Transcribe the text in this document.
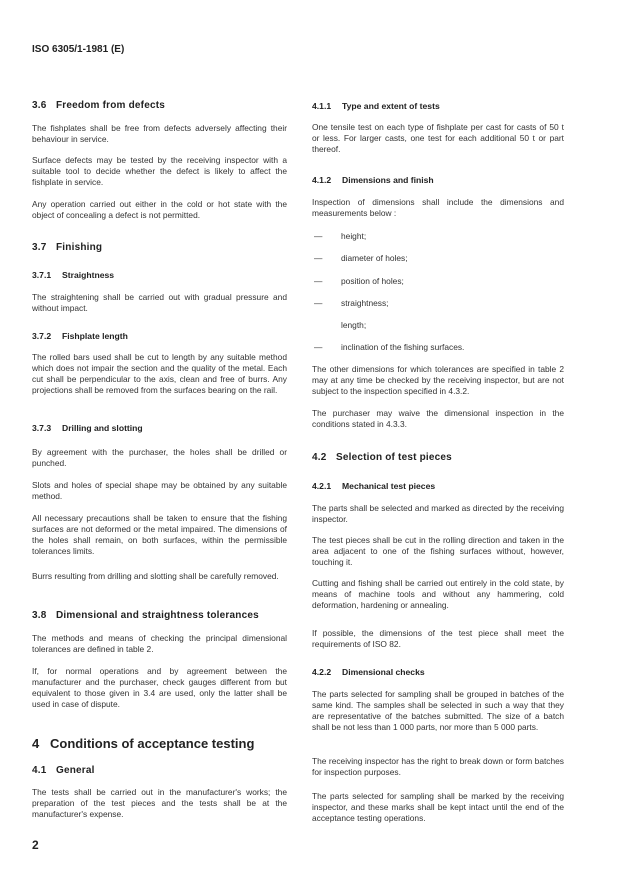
ISO 6305/1-1981 (E)
3.6 Freedom from defects
The fishplates shall be free from defects adversely affecting their behaviour in service.
Surface defects may be tested by the receiving inspector with a suitable tool to decide whether the defect is likely to affect the fishplate in service.
Any operation carried out either in the cold or hot state with the object of concealing a defect is not permitted.
3.7 Finishing
3.7.1 Straightness
The straightening shall be carried out with gradual pressure and without impact.
3.7.2 Fishplate length
The rolled bars used shall be cut to length by any suitable method which does not impair the section and the quality of the metal. Each cut shall be perpendicular to the axis, clean and free of burrs. Any projections shall be removed from the surfaces bearing on the rail.
3.7.3 Drilling and slotting
By agreement with the purchaser, the holes shall be drilled or punched.
Slots and holes of special shape may be obtained by any suitable method.
All necessary precautions shall be taken to ensure that the fishing surfaces are not deformed or the metal impaired. The dimensions of the holes shall remain, on both surfaces, within the permissible tolerances limits.
Burrs resulting from drilling and slotting shall be carefully removed.
3.8 Dimensional and straightness tolerances
The methods and means of checking the principal dimensional tolerances are defined in table 2.
If, for normal operations and by agreement between the manufacturer and the purchaser, check gauges different from but equivalent to those given in 3.4 are used, only the latter shall be used in case of dispute.
4 Conditions of acceptance testing
4.1 General
The tests shall be carried out in the manufacturer's works; the preparation of the test pieces and the tests shall be at the manufacturer's expense.
2
4.1.1 Type and extent of tests
One tensile test on each type of fishplate per cast for casts of 50 t or less. For larger casts, one test for each additional 50 t or part thereof.
4.1.2 Dimensions and finish
Inspection of dimensions shall include the dimensions and measurements below :
— height;
— diameter of holes;
— position of holes;
— straightness;
length;
— inclination of the fishing surfaces.
The other dimensions for which tolerances are specified in table 2 may at any time be checked by the receiving inspector, but are not subject to the inspection specified in 4.3.2.
The purchaser may waive the dimensional inspection in the conditions stated in 4.3.3.
4.2 Selection of test pieces
4.2.1 Mechanical test pieces
The parts shall be selected and marked as directed by the receiving inspector.
The test pieces shall be cut in the rolling direction and taken in the area adjacent to one of the fishing surfaces without, however, touching it.
Cutting and fishing shall be carried out entirely in the cold state, by means of machine tools and without any hammering, cold deformation, hardening or annealing.
If possible, the dimensions of the test piece shall meet the requirements of ISO 82.
4.2.2 Dimensional checks
The parts selected for sampling shall be grouped in batches of the same kind. The samples shall be selected in such a way that they are representative of the batches submitted. The size of a batch shall be not less than 1 000 parts, nor more than 5 000 parts.
The receiving inspector has the right to break down or form batches for inspection purposes.
The parts selected for sampling shall be marked by the receiving inspector, and these marks shall be kept intact until the end of the acceptance testing operations.
